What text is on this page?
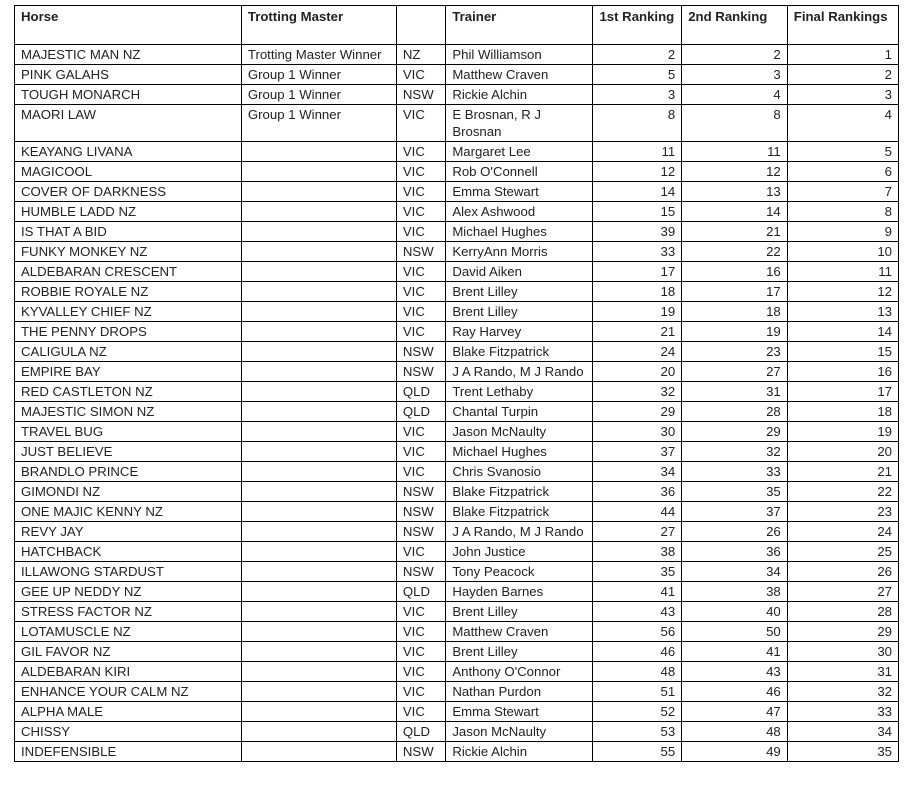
Horse	Trotting Master		Trainer	1st Ranking	2nd Ranking	Final Rankings
MAJESTIC MAN NZ	Trotting Master Winner	NZ	Phil Williamson	2	2	1
PINK GALAHS	Group 1 Winner	VIC	Matthew Craven	5	3	2
TOUGH MONARCH	Group 1 Winner	NSW	Rickie Alchin	3	4	3
MAORI LAW	Group 1 Winner	VIC	E Brosnan, R J Brosnan	8	8	4
KEAYANG LIVANA		VIC	Margaret Lee	11	11	5
MAGICOOL		VIC	Rob O'Connell	12	12	6
COVER OF DARKNESS		VIC	Emma Stewart	14	13	7
HUMBLE LADD NZ		VIC	Alex Ashwood	15	14	8
IS THAT A BID		VIC	Michael Hughes	39	21	9
FUNKY MONKEY NZ		NSW	KerryAnn Morris	33	22	10
ALDEBARAN CRESCENT		VIC	David Aiken	17	16	11
ROBBIE ROYALE NZ		VIC	Brent Lilley	18	17	12
KYVALLEY CHIEF NZ		VIC	Brent Lilley	19	18	13
THE PENNY DROPS		VIC	Ray Harvey	21	19	14
CALIGULA NZ		NSW	Blake Fitzpatrick	24	23	15
EMPIRE BAY		NSW	J A Rando, M J Rando	20	27	16
RED CASTLETON NZ		QLD	Trent Lethaby	32	31	17
MAJESTIC SIMON NZ		QLD	Chantal Turpin	29	28	18
TRAVEL BUG		VIC	Jason McNaulty	30	29	19
JUST BELIEVE		VIC	Michael Hughes	37	32	20
BRANDLO PRINCE		VIC	Chris Svanosio	34	33	21
GIMONDI NZ		NSW	Blake Fitzpatrick	36	35	22
ONE MAJIC KENNY NZ		NSW	Blake Fitzpatrick	44	37	23
REVY JAY		NSW	J A Rando, M J Rando	27	26	24
HATCHBACK		VIC	John Justice	38	36	25
ILLAWONG STARDUST		NSW	Tony Peacock	35	34	26
GEE UP NEDDY NZ		QLD	Hayden Barnes	41	38	27
STRESS FACTOR NZ		VIC	Brent Lilley	43	40	28
LOTAMUSCLE NZ		VIC	Matthew Craven	56	50	29
GIL FAVOR NZ		VIC	Brent Lilley	46	41	30
ALDEBARAN KIRI		VIC	Anthony O'Connor	48	43	31
ENHANCE YOUR CALM NZ		VIC	Nathan Purdon	51	46	32
ALPHA MALE		VIC	Emma Stewart	52	47	33
CHISSY		QLD	Jason McNaulty	53	48	34
INDEFENSIBLE		NSW	Rickie Alchin	55	49	35
